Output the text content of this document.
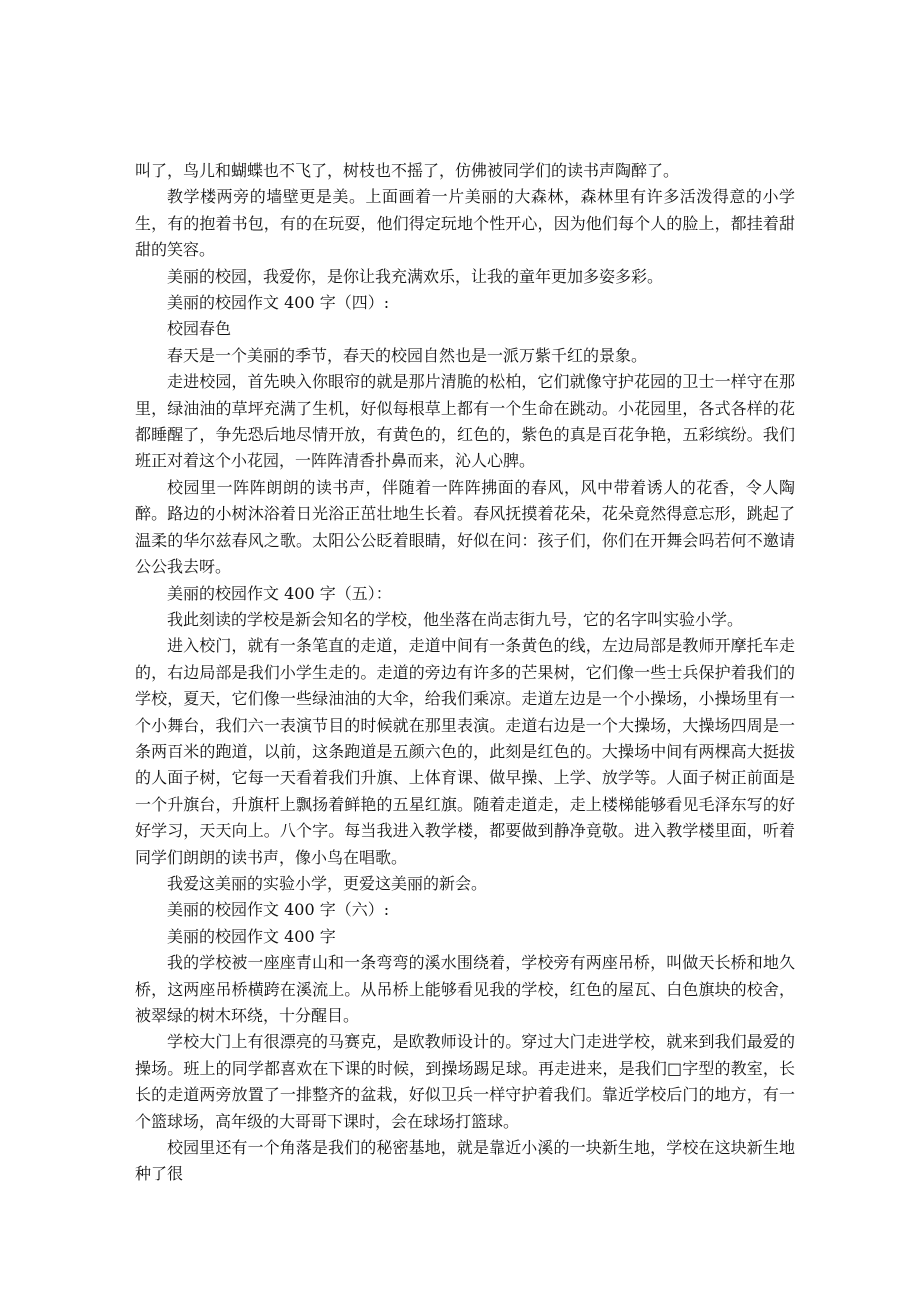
叫了，鸟儿和蝴蝶也不飞了，树枝也不摇了，仿佛被同学们的读书声陶醉了。

教学楼两旁的墙壁更是美。上面画着一片美丽的大森林，森林里有许多活泼得意的小学生，有的抱着书包，有的在玩耍，他们得定玩地个性开心，因为他们每个人的脸上，都挂着甜甜的笑容。

美丽的校园，我爱你，是你让我充满欢乐，让我的童年更加多姿多彩。

美丽的校园作文 400 字（四）:

校园春色

春天是一个美丽的季节，春天的校园自然也是一派万紫千红的景象。

走进校园，首先映入你眼帘的就是那片清脆的松柏，它们就像守护花园的卫士一样守在那里，绿油油的草坪充满了生机，好似每根草上都有一个生命在跳动。小花园里，各式各样的花都睡醒了，争先恐后地尽情开放，有黄色的，红色的，紫色的真是百花争艳，五彩缤纷。我们班正对着这个小花园，一阵阵清香扑鼻而来，沁人心脾。

校园里一阵阵朗朗的读书声，伴随着一阵阵拂面的春风，风中带着诱人的花香，令人陶醉。路边的小树沐浴着日光浴正茁壮地生长着。春风抚摸着花朵，花朵竟然得意忘形，跳起了温柔的华尔兹春风之歌。太阳公公眨着眼睛，好似在问：孩子们，你们在开舞会吗若何不邀请公公我去呀。

美丽的校园作文 400 字（五）：

我此刻读的学校是新会知名的学校，他坐落在尚志街九号，它的名字叫实验小学。

进入校门，就有一条笔直的走道，走道中间有一条黄色的线，左边局部是教师开摩托车走的，右边局部是我们小学生走的。走道的旁边有许多的芒果树，它们像一些士兵保护着我们的学校，夏天，它们像一些绿油油的大伞，给我们乘凉。走道左边是一个小操场，小操场里有一个小舞台，我们六一表演节目的时候就在那里表演。走道右边是一个大操场，大操场四周是一条两百米的跑道，以前，这条跑道是五颜六色的，此刻是红色的。大操场中间有两棵高大挺拔的人面子树，它每一天看着我们升旗、上体育课、做早操、上学、放学等。人面子树正前面是一个升旗台，升旗杆上飘扬着鲜艳的五星红旗。随着走道走，走上楼梯能够看见毛泽东写的好好学习，天天向上。八个字。每当我进入教学楼，都要做到静净竟敬。进入教学楼里面，听着同学们朗朗的读书声，像小鸟在唱歌。

我爱这美丽的实验小学，更爱这美丽的新会。

美丽的校园作文 400 字（六）:

美丽的校园作文 400 字

我的学校被一座座青山和一条弯弯的溪水围绕着，学校旁有两座吊桥，叫做天长桥和地久桥，这两座吊桥横跨在溪流上。从吊桥上能够看见我的学校，红色的屋瓦、白色旗块的校舍，被翠绿的树木环绕，十分醒目。

学校大门上有很漂亮的马赛克，是欧教师设计的。穿过大门走进学校，就来到我们最爱的操场。班上的同学都喜欢在下课的时候，到操场踢足球。再走进来，是我们□字型的教室，长长的走道两旁放置了一排整齐的盆栽，好似卫兵一样守护着我们。靠近学校后门的地方，有一个篮球场，高年级的大哥哥下课时，会在球场打篮球。

校园里还有一个角落是我们的秘密基地，就是靠近小溪的一块新生地，学校在这块新生地种了很
